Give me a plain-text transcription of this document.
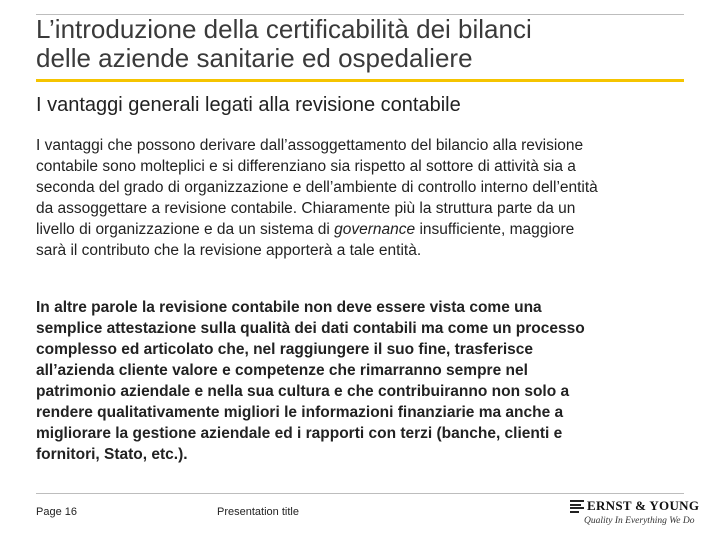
L’introduzione della certificabilità dei bilanci
delle aziende sanitarie ed ospedaliere
I vantaggi generali legati alla revisione contabile
I vantaggi che possono derivare dall’assoggettamento del bilancio alla revisione
contabile sono molteplici e si differenziano sia rispetto al sottore di attività sia a
seconda del grado di organizzazione e dell’ambiente di controllo interno dell’entità
da assoggettare a revisione contabile. Chiaramente più la struttura parte da un
livello di organizzazione e da un sistema di governance insufficiente, maggiore
sarà il contributo che la revisione apporterà a tale entità.
In altre parole la revisione contabile non deve essere vista come una
semplice attestazione sulla qualità dei dati contabili ma come un processo
complesso ed articolato che, nel raggiungere il suo fine, trasferisce
all’azienda cliente valore e competenze che rimarranno sempre nel
patrimonio aziendale e nella sua cultura e che contribuiranno non solo a
rendere qualitativamente migliori le informazioni finanziarie ma anche a
migliorare la gestione aziendale ed i rapporti con terzi (banche, clienti e
fornitori, Stato, etc.).
Page 16	Presentation title	ERNST & YOUNG
Quality In Everything We Do
